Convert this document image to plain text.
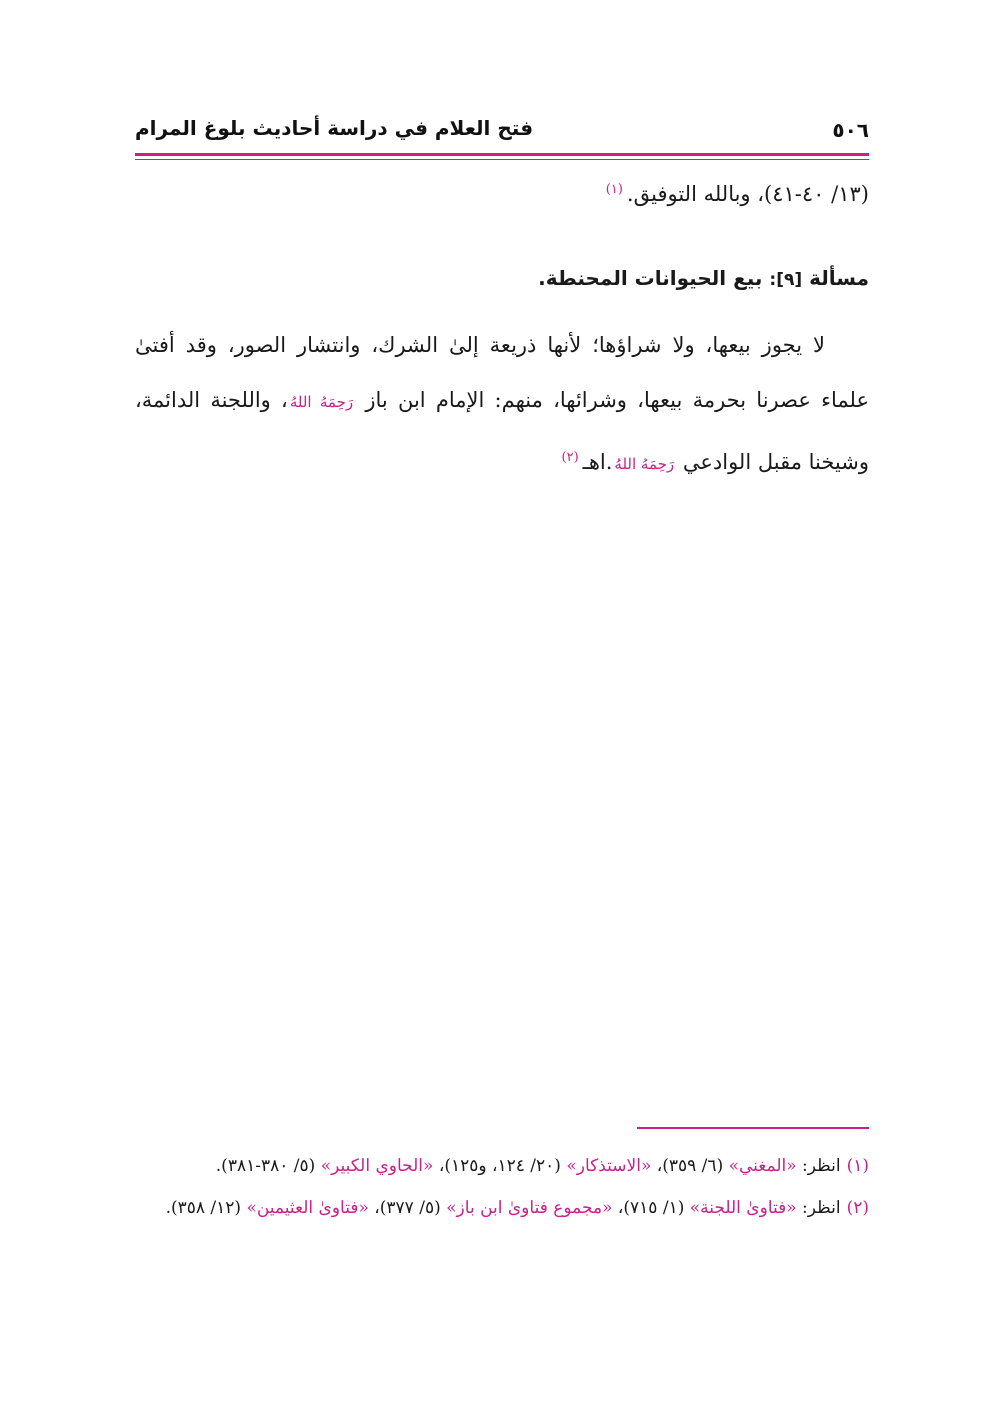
٥٠٦
فتح العلام في دراسة أحاديث بلوغ المرام

(١٣/ ٤٠-٤١)، وبالله التوفيق.$^{(١)}$

مسألة [٩]: بيع الحيوانات المحنطة.

لا يجوز بيعها، ولا شراؤها؛ لأنها ذريعة إلىٰ الشرك، وانتشار الصور، وقد أفتىٰ علماء عصرنا بحرمة بيعها، وشرائها، منهم: الإمام ابن باز رَحِمَهُ اللهُ، واللجنة الدائمة، وشيخنا مقبل الوادعي رَحِمَهُ اللهُ.اهـ$^{(٢)}$

(١)انظر: «المغني» (٦/ ٣٥٩)، «الاستذكار» (٢٠/ ١٢٤، و١٢٥)، «الحاوي الكبير» (٥/ ٣٨٠-٣٨١).

(٢)انظر: «فتاوىٰ اللجنة» (١/ ٧١٥)، «مجموع فتاوىٰ ابن باز» (٥/ ٣٧٧)، «فتاوىٰ العثيمين» (١٢/ ٣٥٨).
